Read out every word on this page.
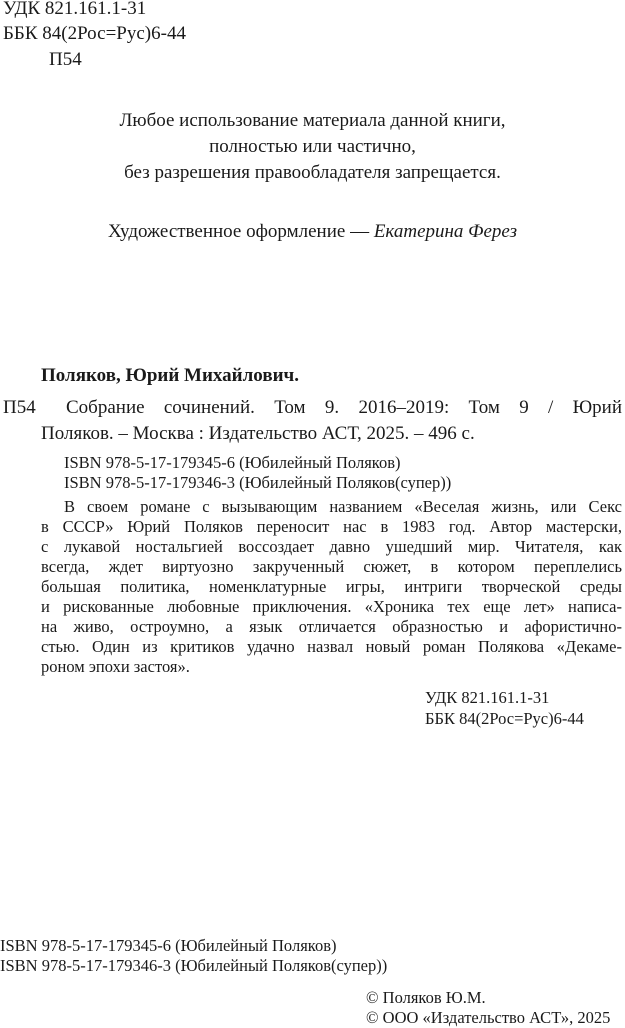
УДК 821.161.1-31
ББК 84(2Рос=Рус)6-44
П54
Любое использование материала данной книги,
полностью или частично,
без разрешения правообладателя запрещается.
Художественное оформление — Екатерина Ферез
Поляков, Юрий Михайлович.
П54 Собрание сочинений. Том 9. 2016–2019: Том 9 / Юрий
Поляков. – Москва : Издательство АСТ, 2025. – 496 с.
ISBN 978-5-17-179345-6 (Юбилейный Поляков)
ISBN 978-5-17-179346-3 (Юбилейный Поляков(супер))
В своем романе с вызывающим названием «Веселая жизнь, или Секс
в СССР» Юрий Поляков переносит нас в 1983 год. Автор мастерски,
с лукавой ностальгией воссоздает давно ушедший мир. Читателя, как
всегда, ждет виртуозно закрученный сюжет, в котором переплелись
большая политика, номенклатурные игры, интриги творческой среды
и рискованные любовные приключения. «Хроника тех еще лет» написа-
на живо, остроумно, а язык отличается образностью и афористично-
стью. Один из критиков удачно назвал новый роман Полякова «Декаме-
роном эпохи застоя».
УДК 821.161.1-31
ББК 84(2Рос=Рус)6-44
ISBN 978-5-17-179345-6 (Юбилейный Поляков)
ISBN 978-5-17-179346-3 (Юбилейный Поляков(супер))
© Поляков Ю.М.
© ООО «Издательство АСТ», 2025
